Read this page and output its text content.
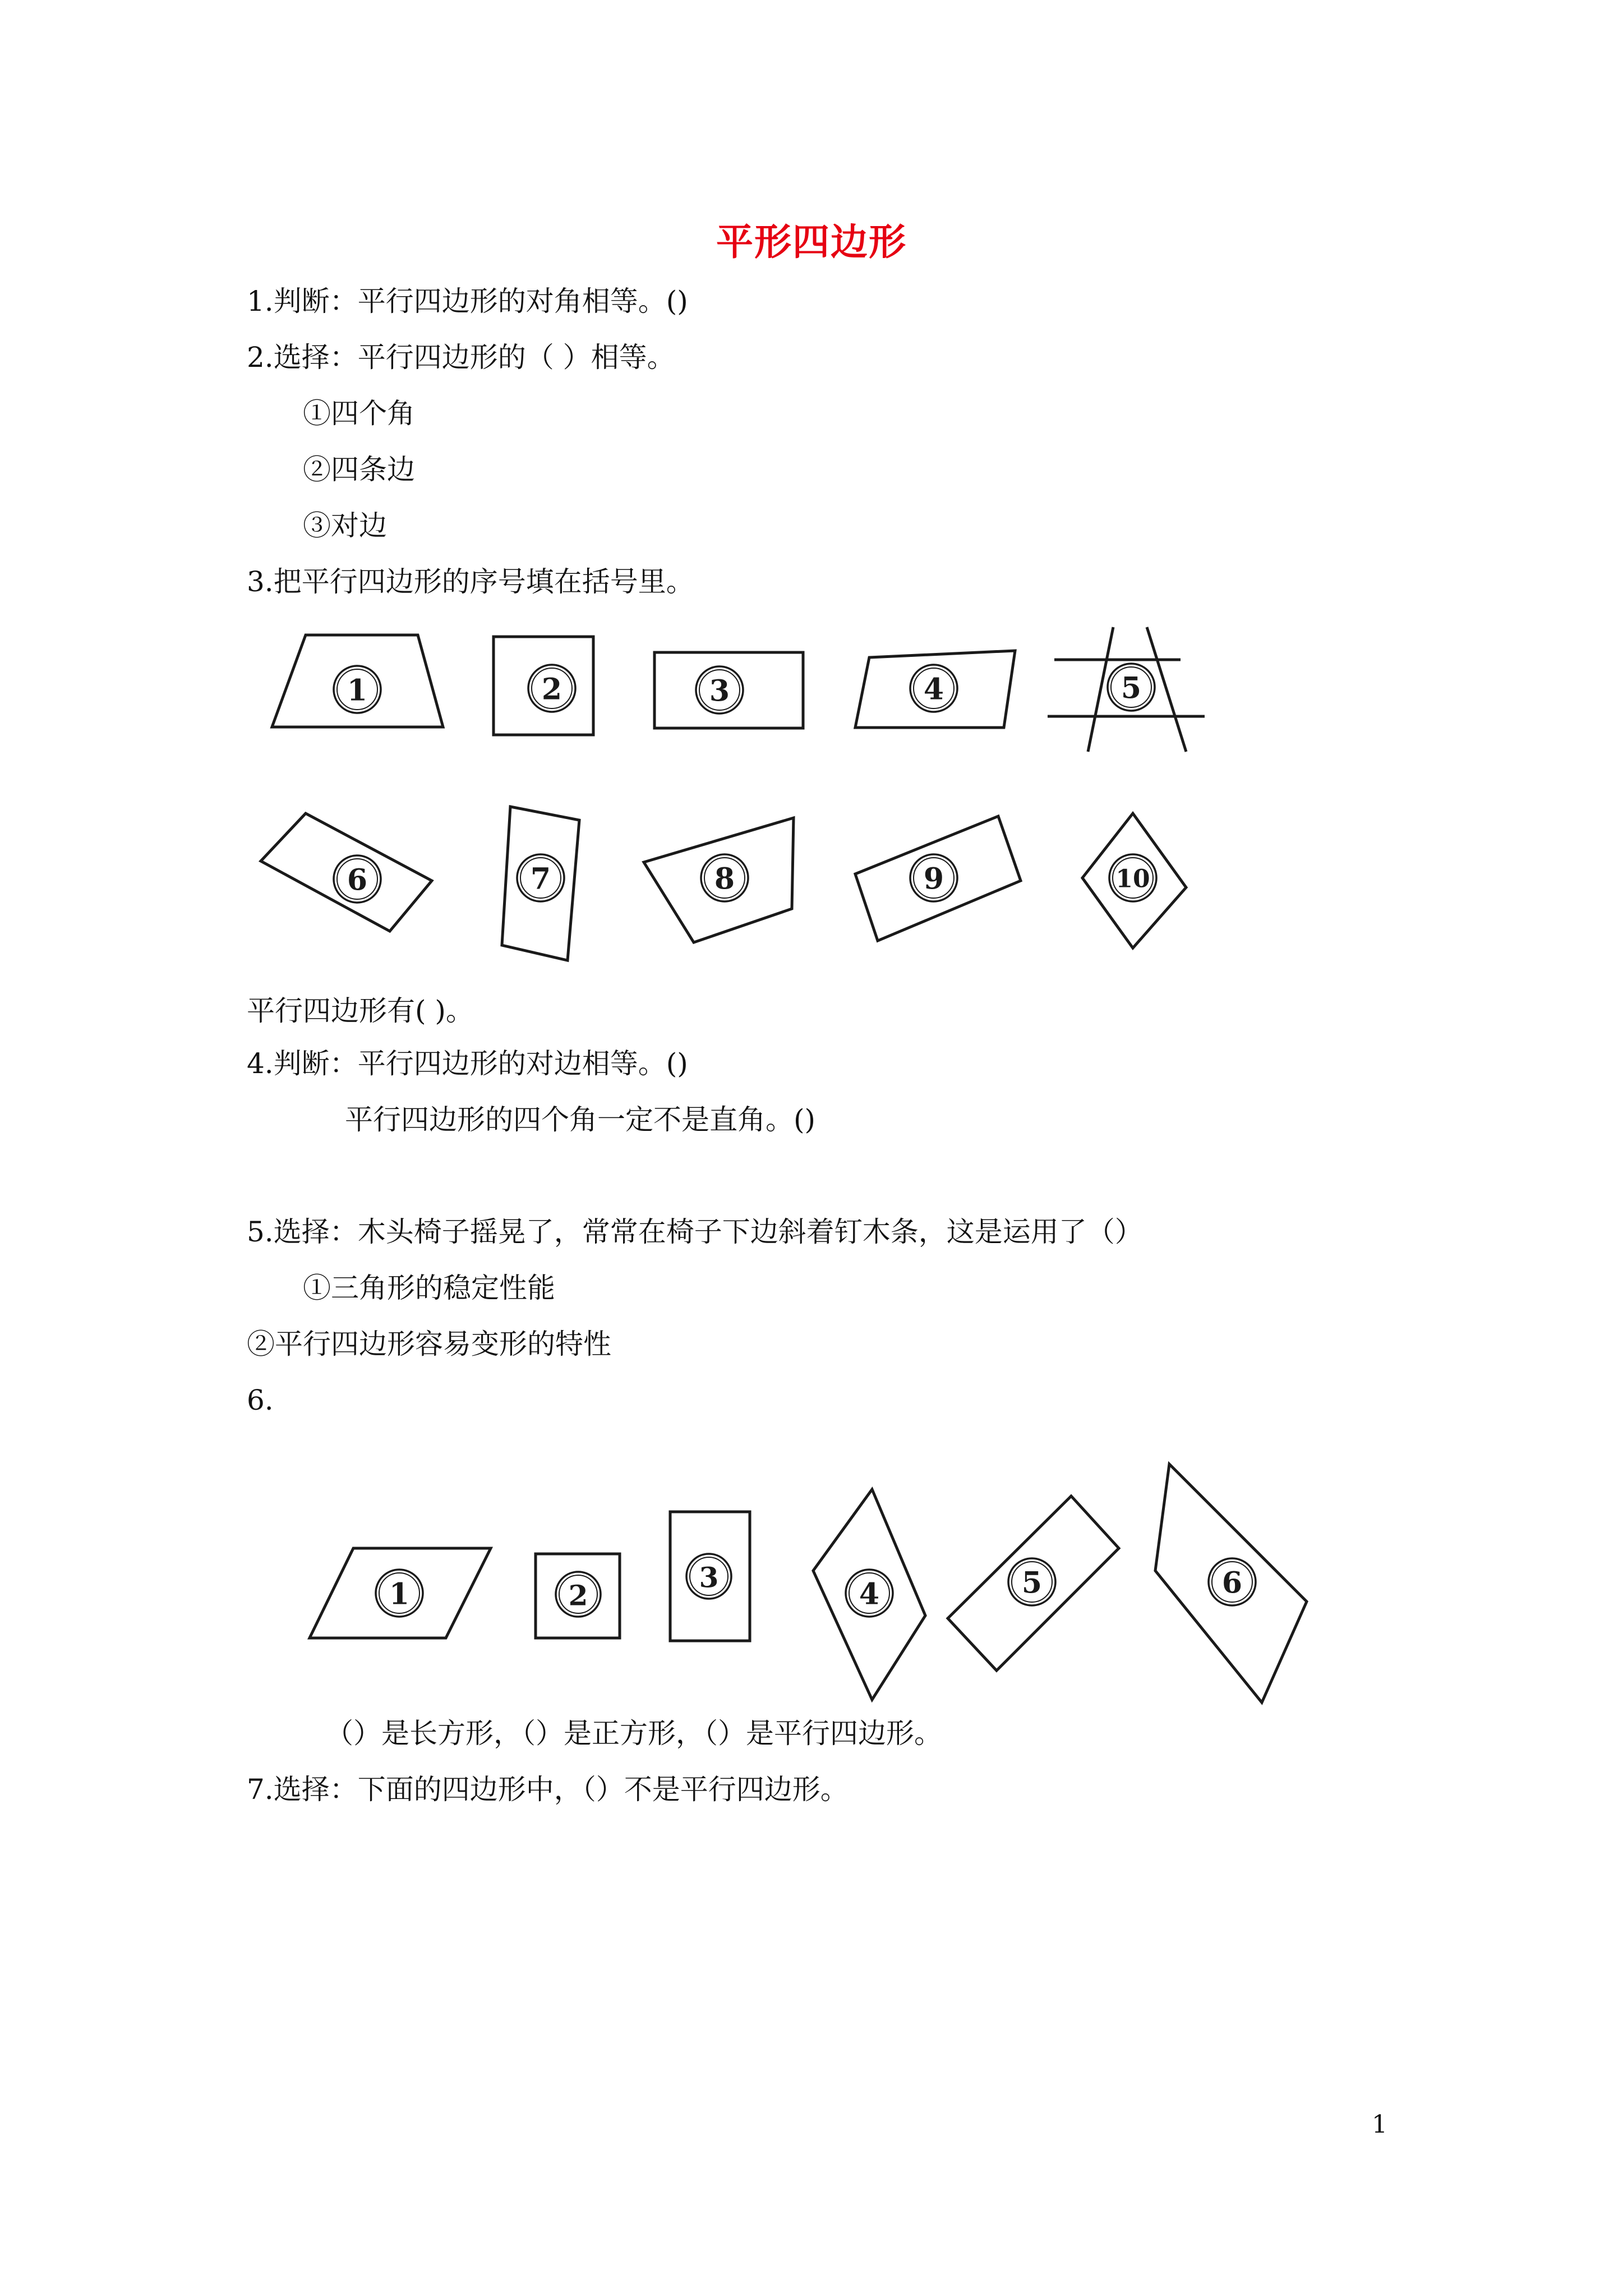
平形四边形
1.判断：平行四边形的对角相等。()
2.选择：平行四边形的（ ）相等。
①四个角
②四条边
③对边
3.把平行四边形的序号填在括号里。
平行四边形有( )。
4.判断：平行四边形的对边相等。()
平行四边形的四个角一定不是直角。()
5.选择：木头椅子摇晃了，常常在椅子下边斜着钉木条，这是运用了（）
①三角形的稳定性能
②平行四边形容易变形的特性
6.
（）是长方形，（）是正方形，（）是平行四边形。
7.选择：下面的四边形中，（）不是平行四边形。
1	2	3	4	5
6	7	8	9	10
1	2
3	4	5	6
1
